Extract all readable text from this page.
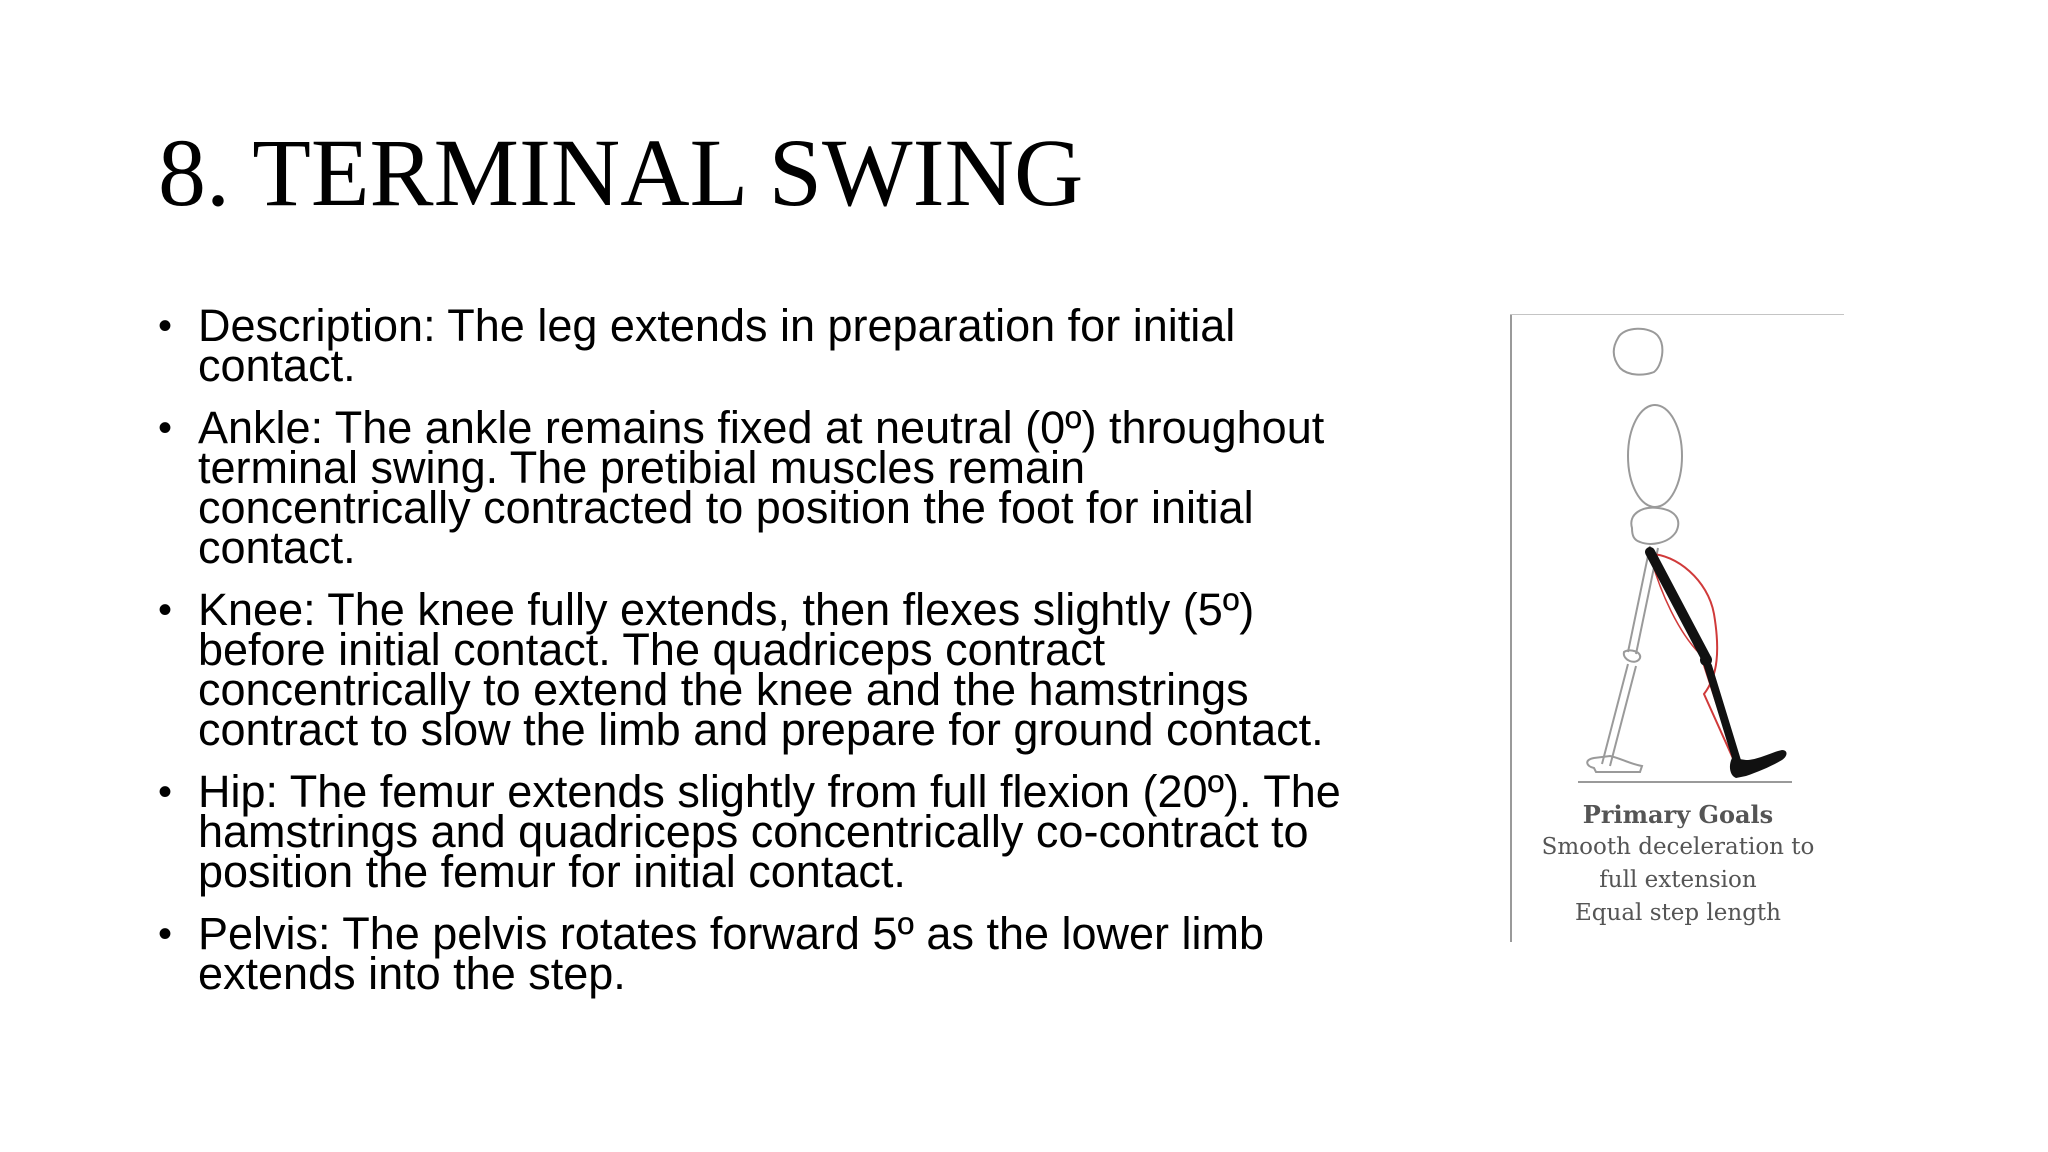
8. TERMINAL SWING
• Description: The leg extends in preparation for initial
contact.
• Ankle: The ankle remains fixed at neutral (0º) throughout
terminal swing. The pretibial muscles remain
concentrically contracted to position the foot for initial
contact.
• Knee: The knee fully extends, then flexes slightly (5º)
before initial contact. The quadriceps contract
concentrically to extend the knee and the hamstrings
contract to slow the limb and prepare for ground contact.
• Hip: The femur extends slightly from full flexion (20º). The
hamstrings and quadriceps concentrically co-contract to
position the femur for initial contact.
• Pelvis: The pelvis rotates forward 5º as the lower limb
extends into the step.
Primary Goals
Smooth deceleration to
full extension
Equal step length
